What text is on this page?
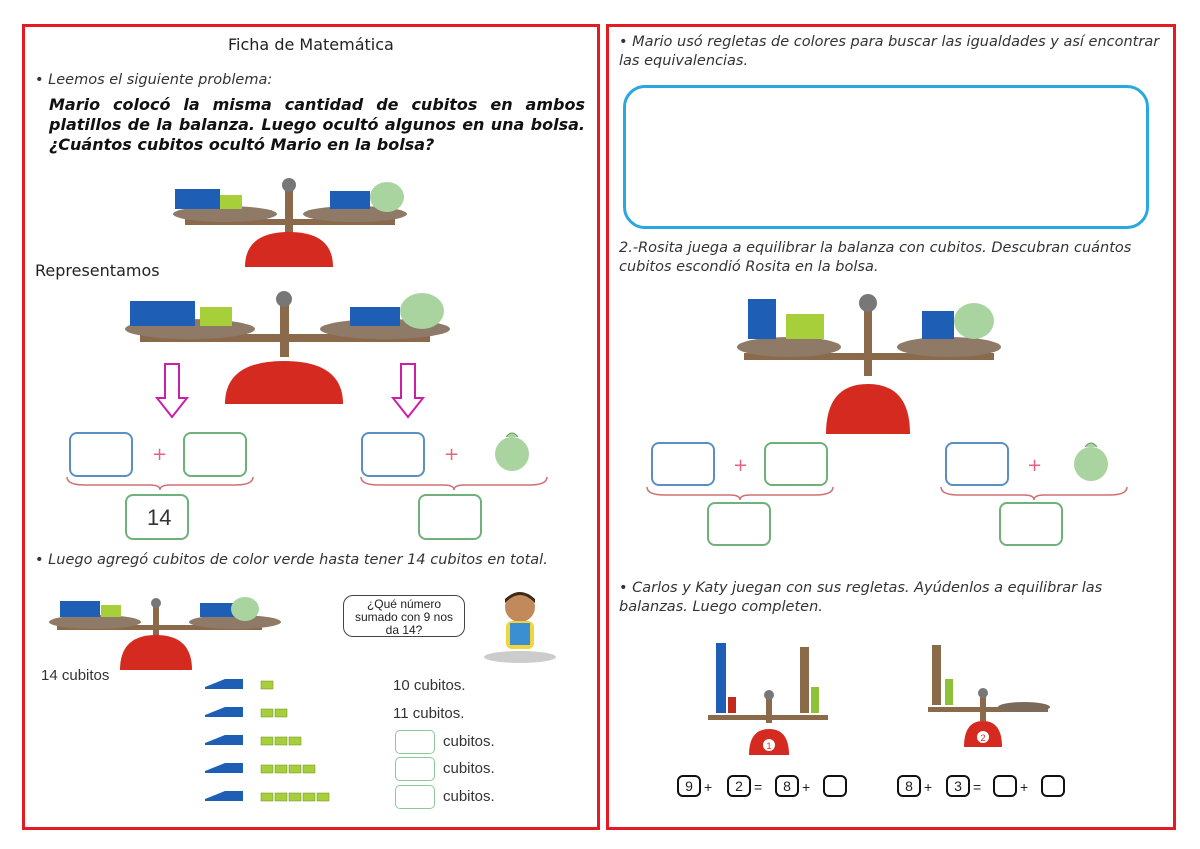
Ficha de Matemática
• Leemos el siguiente problema:
Mario colocó la misma cantidad de cubitos en ambos platillos de la balanza. Luego ocultó algunos en una bolsa. ¿Cuántos cubitos ocultó Mario en la bolsa?
Representamos
+
14
+
• Luego agregó cubitos de color verde hasta tener 14 cubitos en total.
14 cubitos
¿Qué número sumado con 9 nos da 14?
10 cubitos.
11 cubitos.
cubitos.
cubitos.
cubitos.
• Mario usó regletas de colores para buscar las igualdades y así encontrar las equivalencias.
2.-Rosita juega a equilibrar la balanza con cubitos. Descubran cuántos cubitos escondió Rosita en la bolsa.
+	+
• Carlos y Katy juegan con sus regletas. Ayúdenlos a equilibrar las balanzas. Luego completen.
1
2
9 +	2 =	8 +	8 +	3 =	+
